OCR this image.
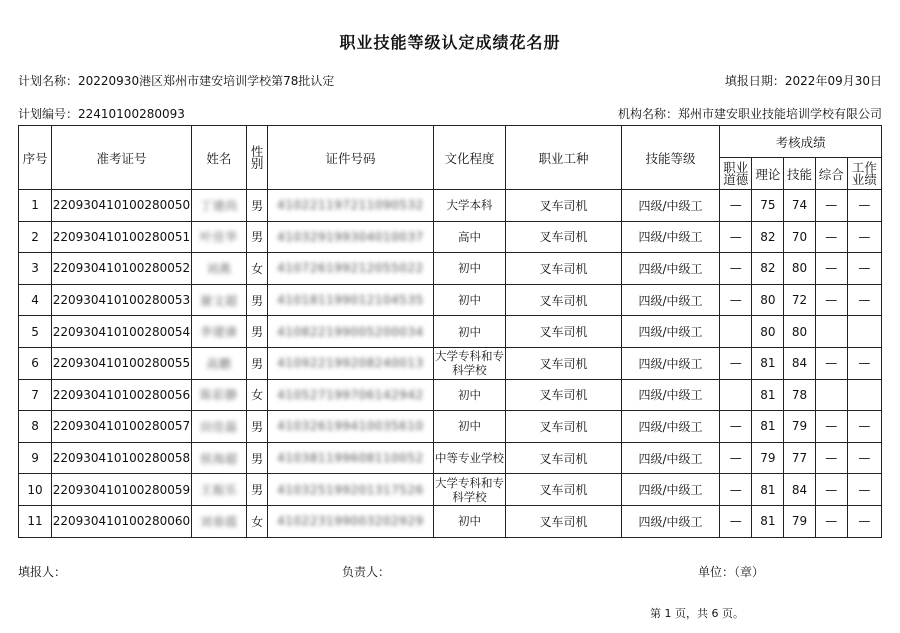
职业技能等级认定成绩花名册
计划名称：20220930港区郑州市建安培训学校第78批认定	填报日期：2022年09月30日
计划编号：22410100280093	机构名称：郑州市建安职业技能培训学校有限公司
序号	准考证号	姓名	性别	证件号码	文化程度	职业工种	技能等级	考核成绩				
								职业道德	理论	技能	综合	工作业绩
1	220930410100280050	丁建尚	男	410221197211090532	大学本科	叉车司机	四级/中级工	—	75	74	—	—
2	220930410100280051	叶佳华	男	410329199304010037	高中	叉车司机	四级/中级工	—	82	70	—	—
3	220930410100280052	刘燕	女	410726199212055022	初中	叉车司机	四级/中级工	—	82	80	—	—
4	220930410100280053	谢文超	男	410181199012104535	初中	叉车司机	四级/中级工	—	80	72	—	—
5	220930410100280054	李建康	男	410822199005200034	初中	叉车司机	四级/中级工		80	80		
6	220930410100280055	高鹏	男	410922199208240013	大学专科和专科学校	叉车司机	四级/中级工	—	81	84	—	—
7	220930410100280056	陈彩静	女	410527199706142942	初中	叉车司机	四级/中级工		81	78		
8	220930410100280057	田佳磊	男	410326199410035610	初中	叉车司机	四级/中级工	—	81	79	—	—
9	220930410100280058	侯海超	男	410381199608110052	中等专业学校	叉车司机	四级/中级工	—	79	77	—	—
10	220930410100280059	王振乐	男	410325199201317526	大学专科和专科学校	叉车司机	四级/中级工	—	81	84	—	—
11	220930410100280060	刘春霞	女	410223199003202929	初中	叉车司机	四级/中级工	—	81	79	—	—
填报人：	负责人：	单位：（章）
第 1 页，共 6 页。
